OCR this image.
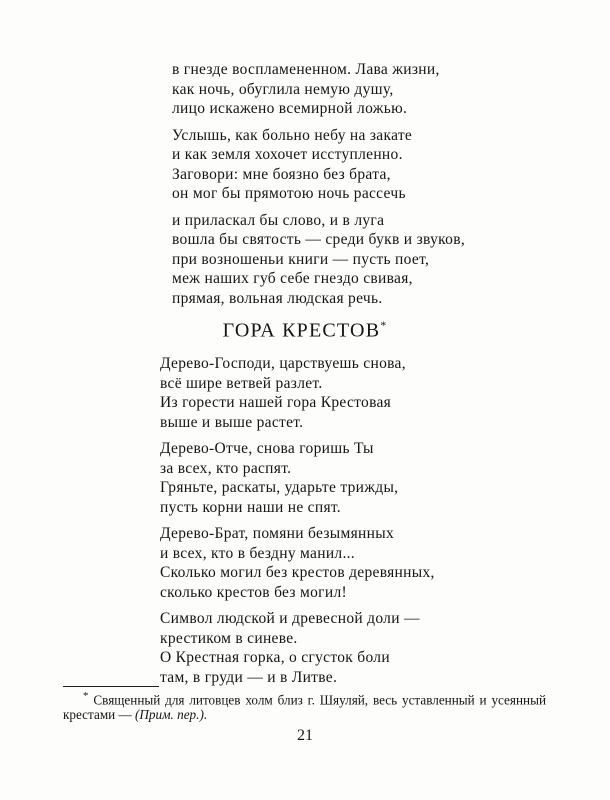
в гнезде воспламененном. Лава жизни,
как ночь, обуглила немую душу,
лицо искажено всемирной ложью.
Услышь, как больно небу на закате
и как земля хохочет исступленно.
Заговори: мне боязно без брата,
он мог бы прямотою ночь рассечь
и приласкал бы слово, и в луга
вошла бы святость — среди букв и звуков,
при возношеньи книги — пусть поет,
меж наших губ себе гнездо свивая,
прямая, вольная людская речь.
ГОРА КРЕСТОВ*
Дерево-Господи, царствуешь снова,
всё шире ветвей разлет.
Из горести нашей гора Крестовая
выше и выше растет.
Дерево-Отче, снова горишь Ты
за всех, кто распят.
Гряньте, раскаты, ударьте трижды,
пусть корни наши не спят.
Дерево-Брат, помяни безымянных
и всех, кто в бездну манил...
Сколько могил без крестов деревянных,
сколько крестов без могил!
Символ людской и древесной доли —
крестиком в синеве.
О Крестная горка, о сгусток боли
там, в груди — и в Литве.
* Священный для литовцев холм близ г. Шяуляй, весь уставленный и усеянный крестами — (Прим. пер.).
21
